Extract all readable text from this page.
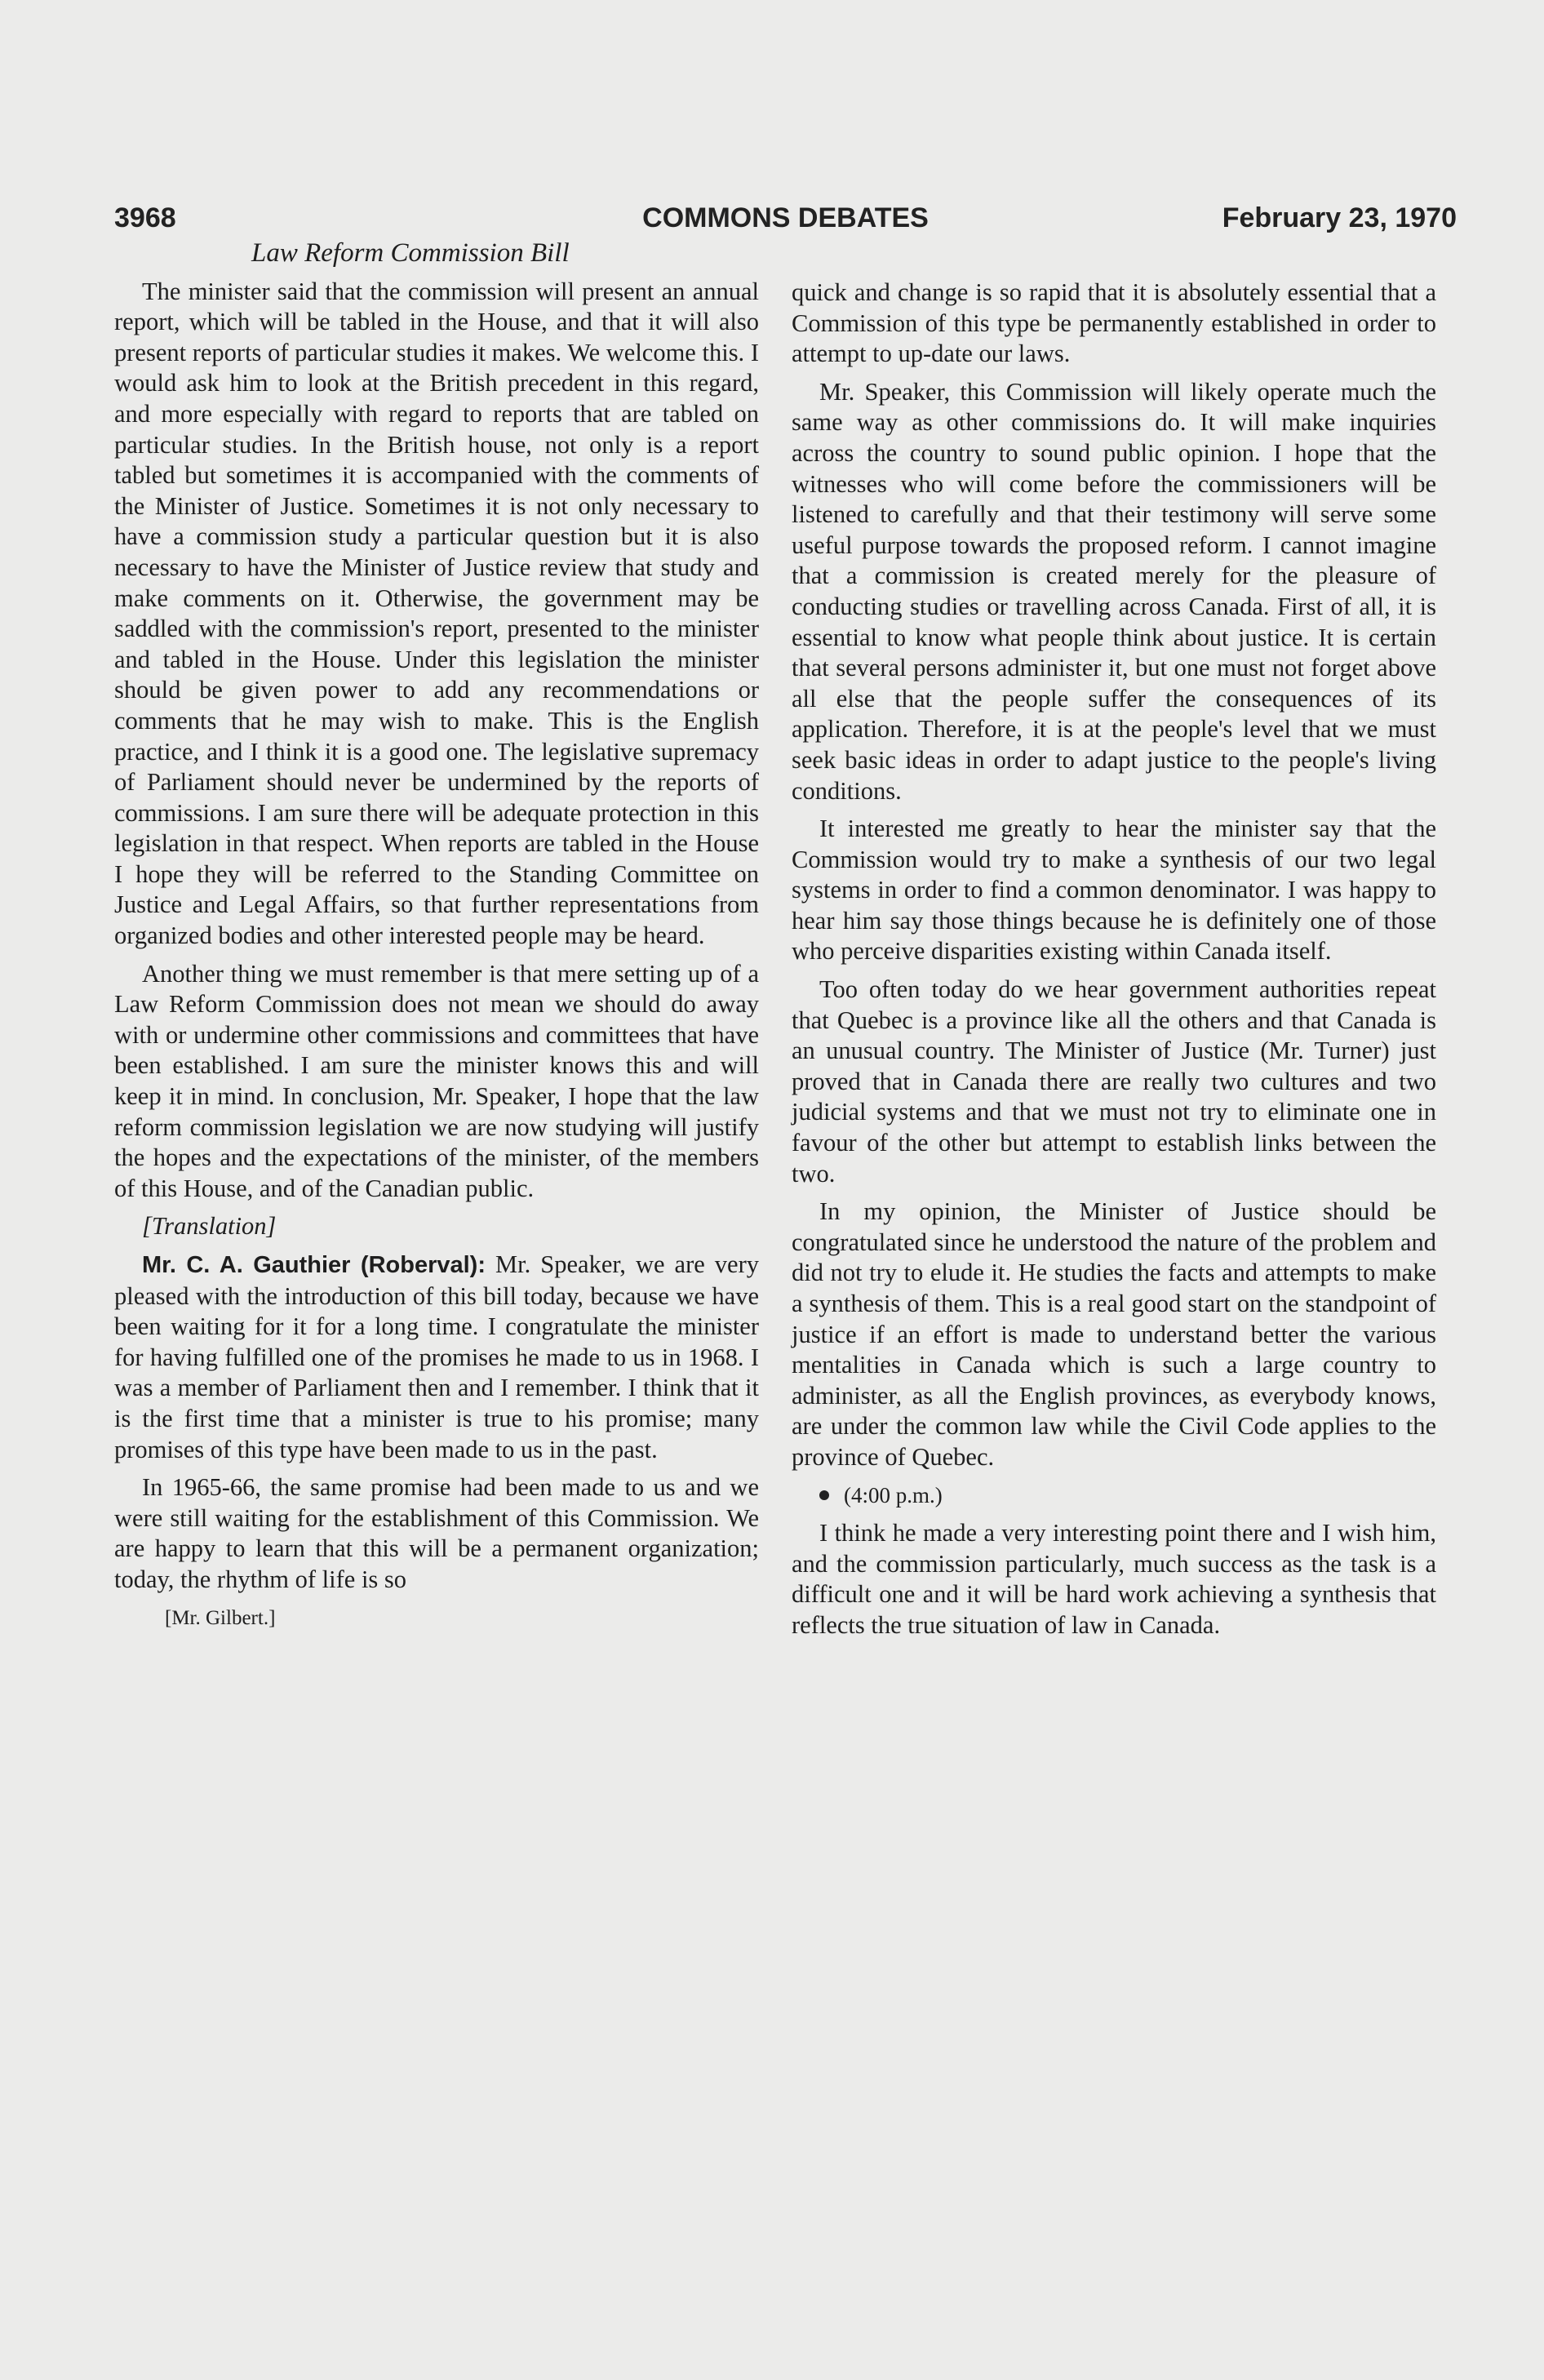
3968	COMMONS DEBATES	February 23, 1970

Law Reform Commission Bill

The minister said that the commission will present an annual report, which will be tabled in the House, and that it will also present reports of particular studies it makes. We welcome this. I would ask him to look at the British precedent in this regard, and more especially with regard to reports that are tabled on particular studies. In the British house, not only is a report tabled but sometimes it is accompanied with the comments of the Minister of Justice. Sometimes it is not only necessary to have a commission study a particular question but it is also necessary to have the Minister of Justice review that study and make comments on it. Otherwise, the government may be saddled with the commission's report, presented to the minister and tabled in the House. Under this legislation the minister should be given power to add any recommendations or comments that he may wish to make. This is the English practice, and I think it is a good one. The legislative supremacy of Parliament should never be undermined by the reports of commissions. I am sure there will be adequate protection in this legislation in that respect. When reports are tabled in the House I hope they will be referred to the Standing Committee on Justice and Legal Affairs, so that further representations from organized bodies and other interested people may be heard.

Another thing we must remember is that mere setting up of a Law Reform Commission does not mean we should do away with or undermine other commissions and committees that have been established. I am sure the minister knows this and will keep it in mind. In conclusion, Mr. Speaker, I hope that the law reform commission legislation we are now studying will justify the hopes and the expectations of the minister, of the members of this House, and of the Canadian public.

[Translation]

Mr. C. A. Gauthier (Roberval): Mr. Speaker, we are very pleased with the introduction of this bill today, because we have been waiting for it for a long time. I congratulate the minister for having fulfilled one of the promises he made to us in 1968. I was a member of Parliament then and I remember. I think that it is the first time that a minister is true to his promise; many promises of this type have been made to us in the past.

In 1965-66, the same promise had been made to us and we were still waiting for the establishment of this Commission. We are happy to learn that this will be a permanent organization; today, the rhythm of life is so

[Mr. Gilbert.]

quick and change is so rapid that it is absolutely essential that a Commission of this type be permanently established in order to attempt to up-date our laws.

Mr. Speaker, this Commission will likely operate much the same way as other commissions do. It will make inquiries across the country to sound public opinion. I hope that the witnesses who will come before the commissioners will be listened to carefully and that their testimony will serve some useful purpose towards the proposed reform. I cannot imagine that a commission is created merely for the pleasure of conducting studies or travelling across Canada. First of all, it is essential to know what people think about justice. It is certain that several persons administer it, but one must not forget above all else that the people suffer the consequences of its application. Therefore, it is at the people's level that we must seek basic ideas in order to adapt justice to the people's living conditions.

It interested me greatly to hear the minister say that the Commission would try to make a synthesis of our two legal systems in order to find a common denominator. I was happy to hear him say those things because he is definitely one of those who perceive disparities existing within Canada itself.

Too often today do we hear government authorities repeat that Quebec is a province like all the others and that Canada is an unusual country. The Minister of Justice (Mr. Turner) just proved that in Canada there are really two cultures and two judicial systems and that we must not try to eliminate one in favour of the other but attempt to establish links between the two.

In my opinion, the Minister of Justice should be congratulated since he understood the nature of the problem and did not try to elude it. He studies the facts and attempts to make a synthesis of them. This is a real good start on the standpoint of justice if an effort is made to understand better the various mentalities in Canada which is such a large country to administer, as all the English provinces, as everybody knows, are under the common law while the Civil Code applies to the province of Quebec.

(4:00 p.m.)

I think he made a very interesting point there and I wish him, and the commission particularly, much success as the task is a difficult one and it will be hard work achieving a synthesis that reflects the true situation of law in Canada.
